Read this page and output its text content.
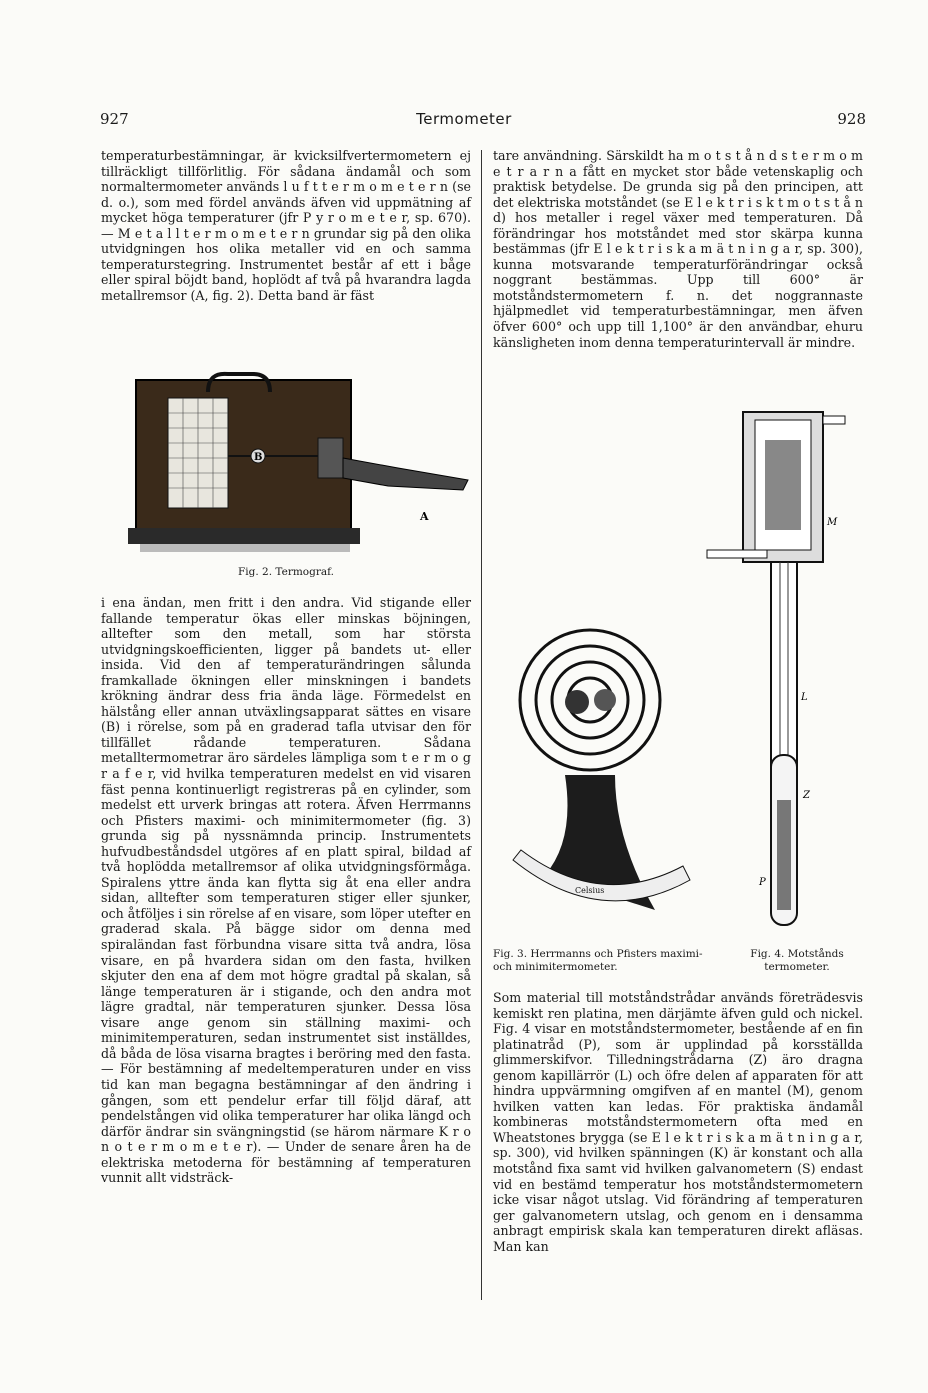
927	Termometer	928

temperaturbestämningar, är kvicksilfvertermometern ej tillräckligt tillförlitlig. För sådana ändamål och som normaltermometer används l u f t t e r m o m e t e r n (se d. o.), som med fördel används äfven vid uppmätning af mycket höga temperaturer (jfr P y r o m e t e r, sp. 670). — M e t a l l t e r m o m e t e r n grundar sig på den olika utvidgningen hos olika metaller vid en och samma temperaturstegring. Instrumentet består af ett i båge eller spiral böjdt band, hoplödt af två på hvarandra lagda metallremsor (A, fig. 2). Detta band är fäst

B
A
Fig. 2. Termograf.

i ena ändan, men fritt i den andra. Vid stigande eller fallande temperatur ökas eller minskas böjningen, alltefter som den metall, som har största utvidgningskoefficienten, ligger på bandets ut- eller insida. Vid den af temperaturändringen sålunda framkallade ökningen eller minskningen i bandets krökning ändrar dess fria ända läge. Förmedelst en hälstång eller annan utväxlingsapparat sättes en visare (B) i rörelse, som på en graderad tafla utvisar den för tillfället rådande temperaturen. Sådana metalltermometrar äro särdeles lämpliga som t e r m o g r a f e r, vid hvilka temperaturen medelst en vid visaren fäst penna kontinuerligt registreras på en cylinder, som medelst ett urverk bringas att rotera. Äfven Herrmanns och Pfisters maximi- och minimitermometer (fig. 3) grunda sig på nyssnämnda princip. Instrumentets hufvudbeståndsdel utgöres af en platt spiral, bildad af två hoplödda metallremsor af olika utvidgningsförmåga. Spiralens yttre ända kan flytta sig åt ena eller andra sidan, alltefter som temperaturen stiger eller sjunker, och åtföljes i sin rörelse af en visare, som löper utefter en graderad skala. På bägge sidor om denna med spiraländan fast förbundna visare sitta två andra, lösa visare, en på hvardera sidan om den fasta, hvilken skjuter den ena af dem mot högre gradtal på skalan, så länge temperaturen är i stigande, och den andra mot lägre gradtal, när temperaturen sjunker. Dessa lösa visare ange genom sin ställning maximi- och minimitemperaturen, sedan instrumentet sist inställdes, då båda de lösa visarna bragtes i beröring med den fasta. — För bestämning af medeltemperaturen under en viss tid kan man begagna bestämningar af den ändring i gången, som ett pendelur erfar till följd däraf, att pendelstången vid olika temperaturer har olika längd och därför ändrar sin svängningstid (se härom närmare K r o n o t e r m o m e t e r). — Under de senare åren ha de elektriska metoderna för bestämning af temperaturen vunnit allt vidsträck-

tare användning. Särskildt ha m o t s t å n d s t e r m o m e t r a r n a fått en mycket stor både vetenskaplig och praktisk betydelse. De grunda sig på den principen, att det elektriska motståndet (se E l e k t r i s k t m o t s t å n d) hos metaller i regel växer med temperaturen. Då förändringar hos motståndet med stor skärpa kunna bestämmas (jfr E l e k t r i s k a m ä t n i n g a r, sp. 300), kunna motsvarande temperaturförändringar också noggrant bestämmas. Upp till 600° är motståndstermometern f. n. det noggrannaste hjälpmedlet vid temperaturbestämningar, men äfven öfver 600° och upp till 1,100° är den användbar, ehuru känsligheten inom denna temperaturintervall är mindre.

Celsius
Fig. 3. Herrmanns och Pfisters maximi- och minimitermometer.
M
L
Z
P
Fig. 4. Motstånds termometer.

Som material till motståndstrådar används företrädesvis kemiskt ren platina, men därjämte äfven guld och nickel. Fig. 4 visar en motståndstermometer, bestående af en fin platinatråd (P), som är upplindad på korsställda glimmerskifvor. Tilledningstrådarna (Z) äro dragna genom kapillärrör (L) och öfre delen af apparaten för att hindra uppvärmning omgifven af en mantel (M), genom hvilken vatten kan ledas. För praktiska ändamål kombineras motståndstermometern ofta med en Wheatstones brygga (se E l e k t r i s k a m ä t n i n g a r, sp. 300), vid hvilken spänningen (K) är konstant och alla motstånd fixa samt vid hvilken galvanometern (S) endast vid en bestämd temperatur hos motståndstermometern icke visar något utslag. Vid förändring af temperaturen ger galvanometern utslag, och genom en i densamma anbragt empirisk skala kan temperaturen direkt afläsas. Man kan
